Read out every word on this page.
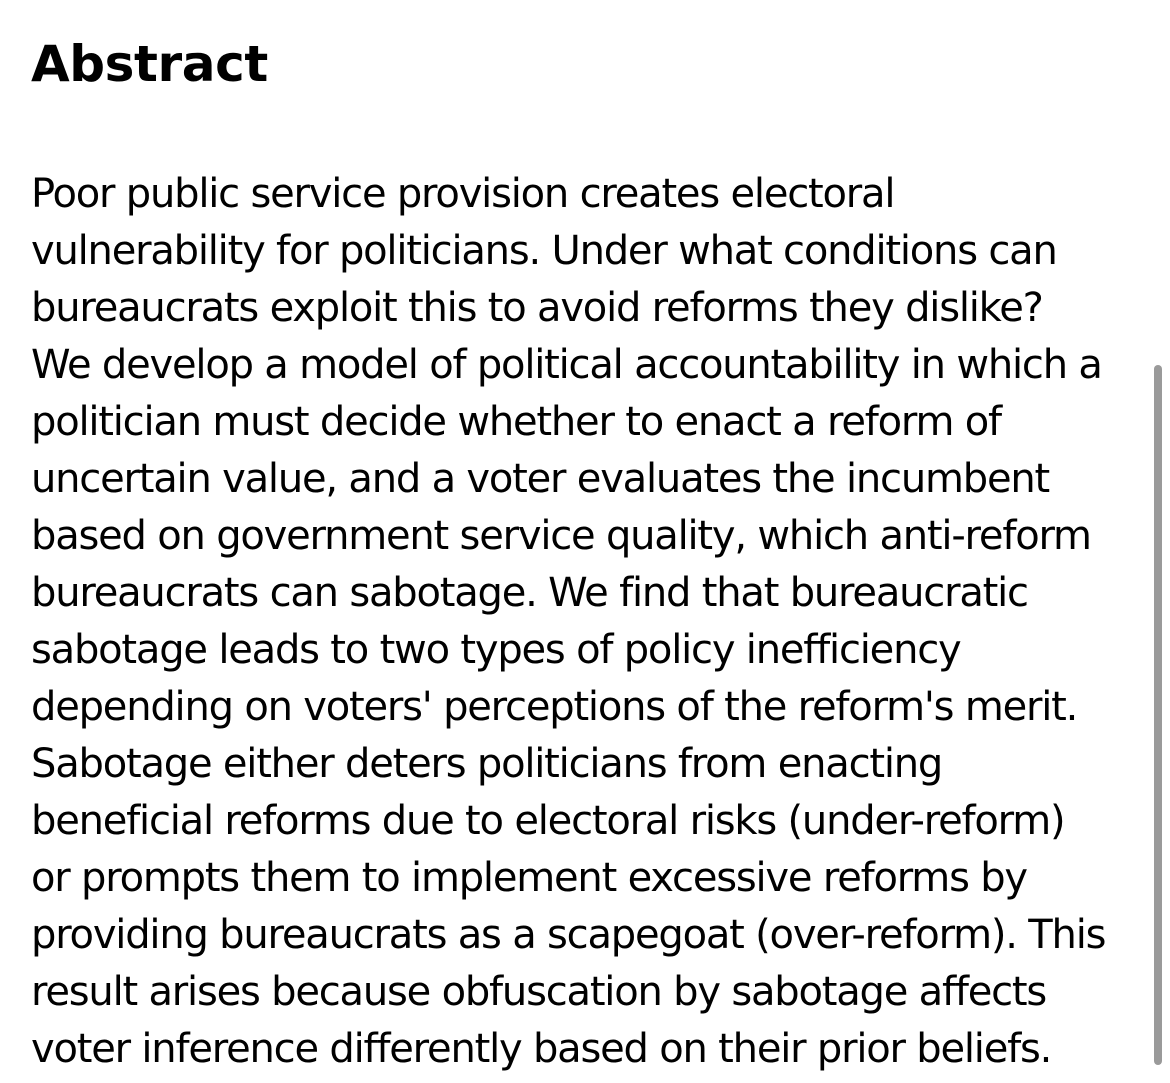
Abstract

Poor public service provision creates electoral
vulnerability for politicians. Under what conditions can
bureaucrats exploit this to avoid reforms they dislike?
We develop a model of political accountability in which a
politician must decide whether to enact a reform of
uncertain value, and a voter evaluates the incumbent
based on government service quality, which anti-reform
bureaucrats can sabotage. We find that bureaucratic
sabotage leads to two types of policy inefficiency
depending on voters' perceptions of the reform's merit.
Sabotage either deters politicians from enacting
beneficial reforms due to electoral risks (under-reform)
or prompts them to implement excessive reforms by
providing bureaucrats as a scapegoat (over-reform). This
result arises because obfuscation by sabotage affects
voter inference differently based on their prior beliefs.
